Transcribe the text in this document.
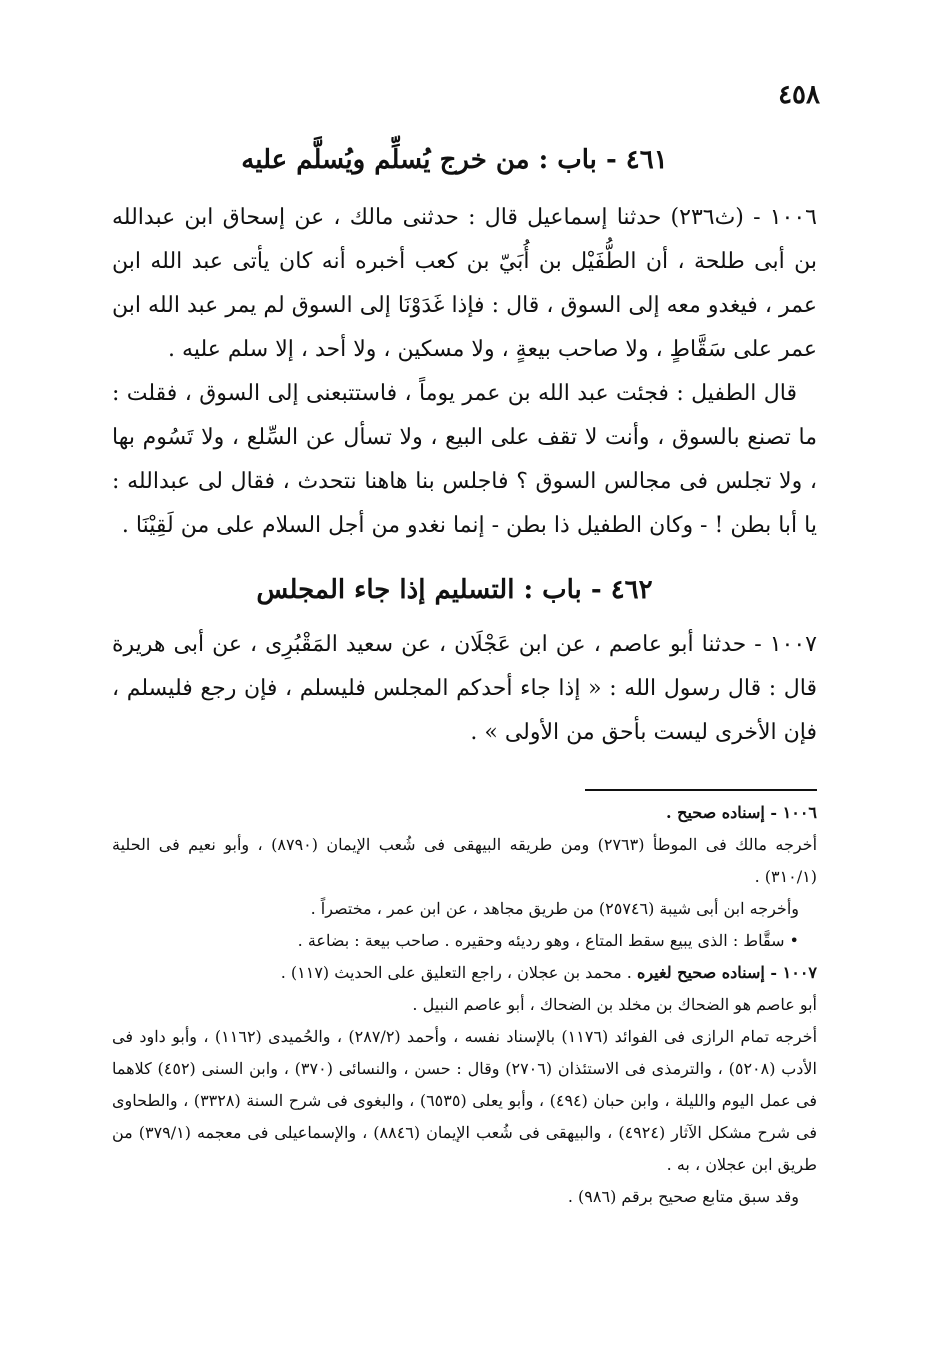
٤٥٨
٤٦١ - باب : من خرج يُسلِّم ويُسلَّم عليه

١٠٠٦ - (ث٢٣٦) حدثنا إسماعيل قال : حدثنى مالك ، عن إسحاق ابن عبدالله بن أبى طلحة ، أن الطُّفَيْل بن أُبَيّ بن كعب أخبره أنه كان يأتى عبد الله ابن عمر ، فيغدو معه إلى السوق ، قال : فإذا غَدَوْنَا إلى السوق لم يمر عبد الله ابن عمر على سَقَّاطٍ ، ولا صاحب بيعةٍ ، ولا مسكين ، ولا أحد ، إلا سلم عليه .

قال الطفيل : فجئت عبد الله بن عمر يوماً ، فاستتبعنى إلى السوق ، فقلت : ما تصنع بالسوق ، وأنت لا تقف على البيع ، ولا تسأل عن السِّلع ، ولا تَسُوم بها ، ولا تجلس فى مجالس السوق ؟ فاجلس بنا هاهنا نتحدث ، فقال لى عبدالله : يا أبا بطن ! - وكان الطفيل ذا بطن - إنما نغدو من أجل السلام على من لَقِيْنَا .

٤٦٢ - باب : التسليم إذا جاء المجلس

١٠٠٧ - حدثنا أبو عاصم ، عن ابن عَجْلَان ، عن سعيد المَقْبُرِى ، عن أبى هريرة قال : قال رسول الله : « إذا جاء أحدكم المجلس فليسلم ، فإن رجع فليسلم ، فإن الأخرى ليست بأحق من الأولى » .

١٠٠٦ - إسناده صحيح .

أخرجه مالك فى الموطأ (٢٧٦٣) ومن طريقه البيهقى فى شُعب الإيمان (٨٧٩٠) ، وأبو نعيم فى الحلية (٣١٠/١) .

وأخرجه ابن أبى شيبة (٢٥٧٤٦) من طريق مجاهد ، عن ابن عمر ، مختصراً .

• سقَّاط : الذى يبيع سقط المتاع ، وهو رديئه وحقيره . صاحب بيعة : بضاعة .

١٠٠٧ - إسناده صحيح لغيره . محمد بن عجلان ، راجع التعليق على الحديث (١١٧) .

أبو عاصم هو الضحاك بن مخلد بن الضحاك ، أبو عاصم النبيل .

أخرجه تمام الرازى فى الفوائد (١١٧٦) بالإسناد نفسه ، وأحمد (٢٨٧/٢) ، والحُميدى (١١٦٢) ، وأبو داود فى الأدب (٥٢٠٨) ، والترمذى فى الاستئذان (٢٧٠٦) وقال : حسن ، والنسائى (٣٧٠) ، وابن السنى (٤٥٢) كلاهما فى عمل اليوم والليلة ، وابن حبان (٤٩٤) ، وأبو يعلى (٦٥٣٥) ، والبغوى فى شرح السنة (٣٣٢٨) ، والطحاوى فى شرح مشكل الآثار (٤٩٢٤) ، والبيهقى فى شُعب الإيمان (٨٨٤٦) ، والإسماعيلى فى معجمه (٣٧٩/١) من طريق ابن عجلان ، به .

وقد سبق متابع صحيح برقم (٩٨٦) .
